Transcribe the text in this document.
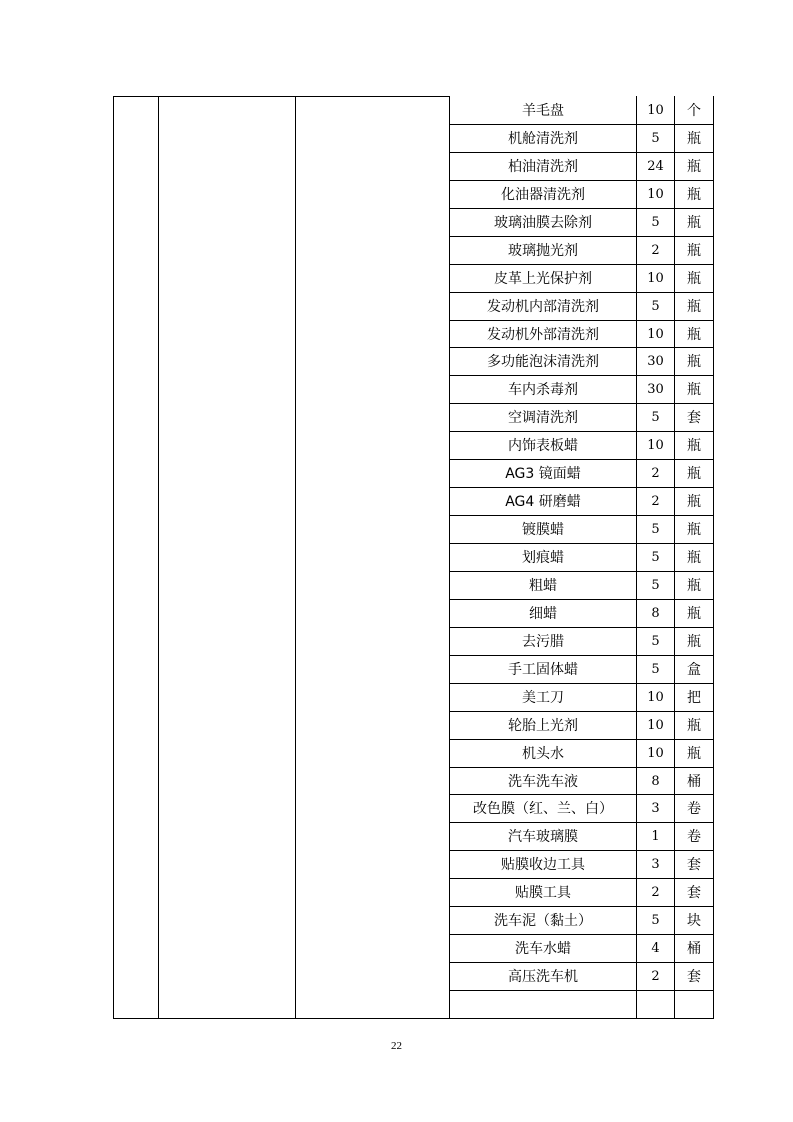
羊毛盘	10	个
机舱清洗剂	5	瓶
柏油清洗剂	24	瓶
化油器清洗剂	10	瓶
玻璃油膜去除剂	5	瓶
玻璃抛光剂	2	瓶
皮革上光保护剂	10	瓶
发动机内部清洗剂	5	瓶
发动机外部清洗剂	10	瓶
多功能泡沫清洗剂	30	瓶
车内杀毒剂	30	瓶
空调清洗剂	5	套
内饰表板蜡	10	瓶
AG3 镜面蜡	2	瓶
AG4 研磨蜡	2	瓶
镀膜蜡	5	瓶
划痕蜡	5	瓶
粗蜡	5	瓶
细蜡	8	瓶
去污腊	5	瓶
手工固体蜡	5	盒
美工刀	10	把
轮胎上光剂	10	瓶
机头水	10	瓶
洗车洗车液	8	桶
改色膜（红、兰、白）	3	卷
汽车玻璃膜	1	卷
贴膜收边工具	3	套
贴膜工具	2	套
洗车泥（黏土）	5	块
洗车水蜡	4	桶
高压洗车机	2	套
22
